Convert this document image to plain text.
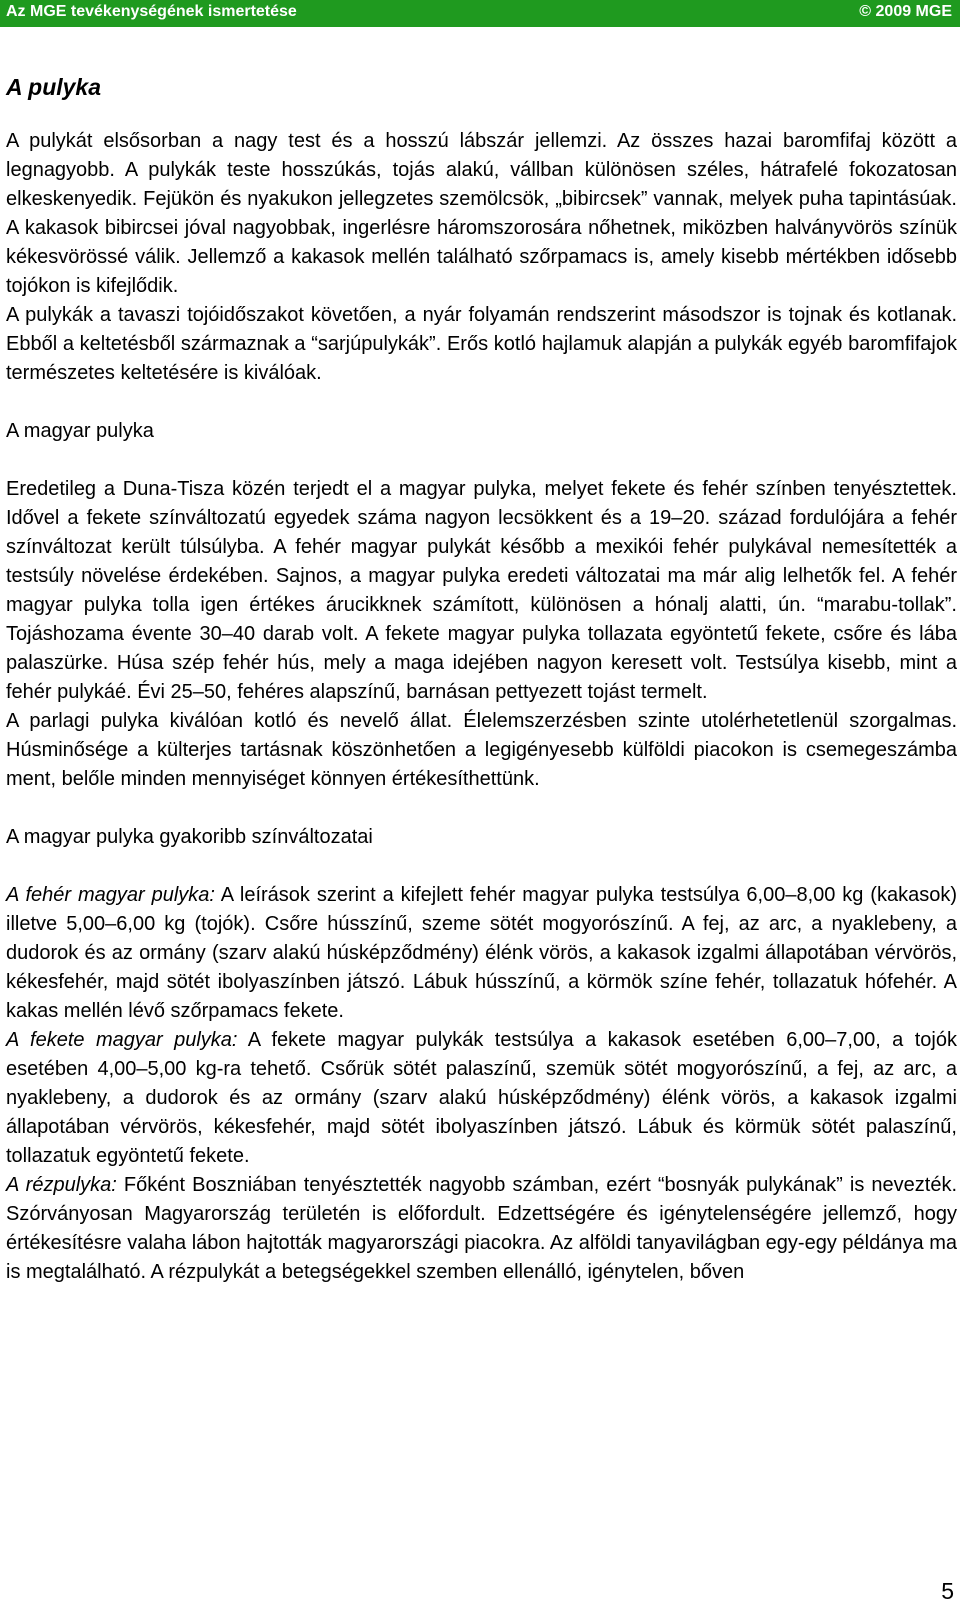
Az MGE tevékenységének ismertetése	© 2009 MGE
A pulyka

A pulykát elsősorban a nagy test és a hosszú lábszár jellemzi. Az összes hazai baromfifaj között a legnagyobb. A pulykák teste hosszúkás, tojás alakú, vállban különösen széles, hátrafelé fokozatosan elkeskenyedik. Fejükön és nyakukon jellegzetes szemölcsök, „bibircsek” vannak, melyek puha tapintásúak. A kakasok bibircsei jóval nagyobbak, ingerlésre háromszorosára nőhetnek, miközben halványvörös színük kékesvörössé válik. Jellemző a kakasok mellén található szőrpamacs is, amely kisebb mértékben idősebb tojókon is kifejlődik.

A pulykák a tavaszi tojóidőszakot követően, a nyár folyamán rendszerint másodszor is tojnak és kotlanak. Ebből a keltetésből származnak a “sarjúpulykák”. Erős kotló hajlamuk alapján a pulykák egyéb baromfifajok természetes keltetésére is kiválóak.

A magyar pulyka

Eredetileg a Duna-Tisza közén terjedt el a magyar pulyka, melyet fekete és fehér színben tenyésztettek. Idővel a fekete színváltozatú egyedek száma nagyon lecsökkent és a 19–20. század fordulójára a fehér színváltozat került túlsúlyba. A fehér magyar pulykát később a mexikói fehér pulykával nemesítették a testsúly növelése érdekében. Sajnos, a magyar pulyka eredeti változatai ma már alig lelhetők fel. A fehér magyar pulyka tolla igen értékes árucikknek számított, különösen a hónalj alatti, ún. “marabu-tollak”. Tojáshozama évente 30–40 darab volt. A fekete magyar pulyka tollazata egyöntetű fekete, csőre és lába palaszürke. Húsa szép fehér hús, mely a maga idejében nagyon keresett volt. Testsúlya kisebb, mint a fehér pulykáé. Évi 25–50, fehéres alapszínű, barnásan pettyezett tojást termelt.

A parlagi pulyka kiválóan kotló és nevelő állat. Élelemszerzésben szinte utolérhetetlenül szorgalmas. Húsminősége a külterjes tartásnak köszönhetően a legigényesebb külföldi piacokon is csemegeszámba ment, belőle minden mennyiséget könnyen értékesíthettünk.

A magyar pulyka gyakoribb színváltozatai

A fehér magyar pulyka: A leírások szerint a kifejlett fehér magyar pulyka testsúlya 6,00–8,00 kg (kakasok) illetve 5,00–6,00 kg (tojók). Csőre hússzínű, szeme sötét mogyorószínű. A fej, az arc, a nyaklebeny, a dudorok és az ormány (szarv alakú húsképződmény) élénk vörös, a kakasok izgalmi állapotában vérvörös, kékesfehér, majd sötét ibolyaszínben játszó. Lábuk hússzínű, a körmök színe fehér, tollazatuk hófehér. A kakas mellén lévő szőrpamacs fekete.

A fekete magyar pulyka: A fekete magyar pulykák testsúlya a kakasok esetében 6,00–7,00, a tojók esetében 4,00–5,00 kg-ra tehető. Csőrük sötét palaszínű, szemük sötét mogyorószínű, a fej, az arc, a nyaklebeny, a dudorok és az ormány (szarv alakú húsképződmény) élénk vörös, a kakasok izgalmi állapotában vérvörös, kékesfehér, majd sötét ibolyaszínben játszó. Lábuk és körmük sötét palaszínű, tollazatuk egyöntetű fekete.

A rézpulyka: Főként Boszniában tenyésztették nagyobb számban, ezért “bosnyák pulykának” is nevezték. Szórványosan Magyarország területén is előfordult. Edzettségére és igénytelenségére jellemző, hogy értékesítésre valaha lábon hajtották magyarországi piacokra. Az alföldi tanyavilágban egy-egy példánya ma is megtalálható. A rézpulykát a betegségekkel szemben ellenálló, igénytelen, bőven

5
